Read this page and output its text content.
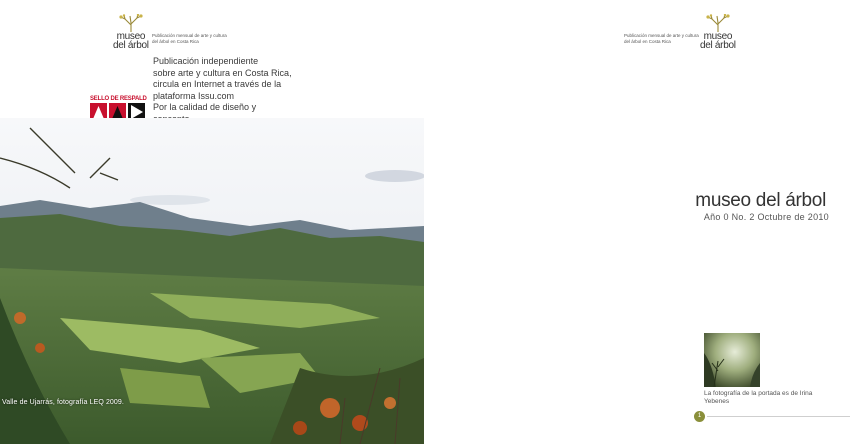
museo
del árbol
Publicación mensual de arte y cultura
del árbol en Costa Rica

Publicación independiente

sobre arte y cultura en Costa Rica,

circula en Internet a través de la

plataforma Issu.com

Por la calidad de diseño y

SELLO DE RESPALD
Valle de Ujarrás, fotografía LEQ 2009.
Publicación mensual de arte y cultura
del árbol en Costa Rica	museo
del árbol
museo del árbol
Año 0 No. 2 Octubre de 2010
La fotografía de la portada es de Irina Yebenes
1
